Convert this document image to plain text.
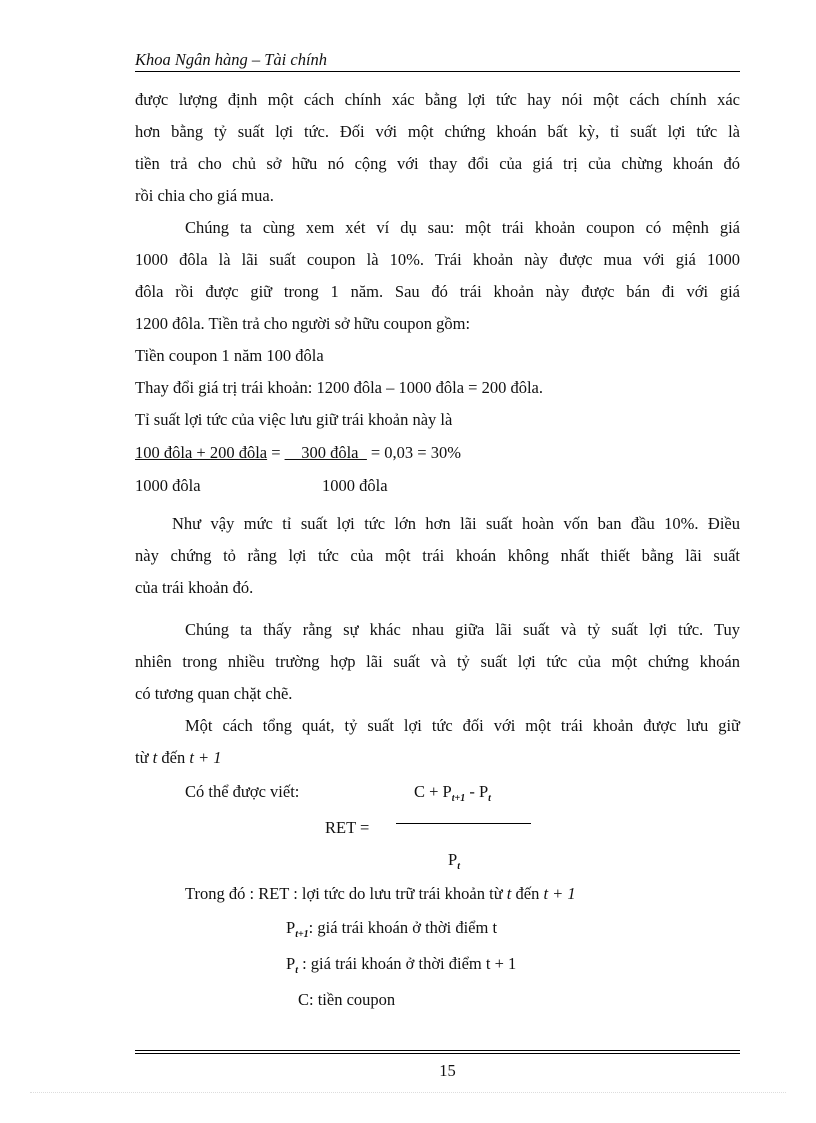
Khoa Ngân hàng – Tài chính
được lượng định một cách chính xác bằng lợi tức hay nói một cách chính xác
hơn bằng tỷ suất lợi tức. Đối với một chứng khoán bất kỳ, tỉ suất lợi tức là
tiền trả cho chủ sở hữu nó cộng với thay đổi của giá trị của chừng khoán đó
rồi chia cho giá mua.
Chúng ta cùng xem xét ví dụ sau: một trái khoản coupon có mệnh giá
1000 đôla là lãi suất coupon là 10%. Trái khoản này được mua với giá 1000
đôla rồi được giữ trong 1 năm. Sau đó trái khoản này được bán đi với giá
1200 đôla. Tiền trả cho người sở hữu coupon gồm:
Tiền coupon 1 năm 100 đôla
Thay đổi giá trị trái khoản: 1200 đôla – 1000 đôla = 200 đôla.
Tỉ suất lợi tức của việc lưu giữ trái khoản này là
100 đôla + 200 đôla = __300 đôla_ = 0,03 = 30%
1000 đôla	1000 đôla
Như vậy mức tỉ suất lợi tức lớn hơn lãi suất hoàn vốn ban đầu 10%. Điều
này chứng tỏ rằng lợi tức của một trái khoán không nhất thiết bằng lãi suất
của trái khoản đó.
Chúng ta thấy rằng sự khác nhau giữa lãi suất và tỷ suất lợi tức. Tuy
nhiên trong nhiều trường hợp lãi suất và tỷ suất lợi tức của một chứng khoán
có tương quan chặt chẽ.
Một cách tổng quát, tỷ suất lợi tức đối với một trái khoản được lưu giữ
từ t đến t + 1
Có thể được viết:	$C + P_{t+1} - P_t$
RET =
$P_t$
Trong đó : RET : lợi tức do lưu trữ trái khoản từ t đến t + 1
$P_{t+1}$: giá trái khoán ở thời điểm t
$P_t$ : giá trái khoán ở thời điểm t + 1
C: tiền coupon
15
